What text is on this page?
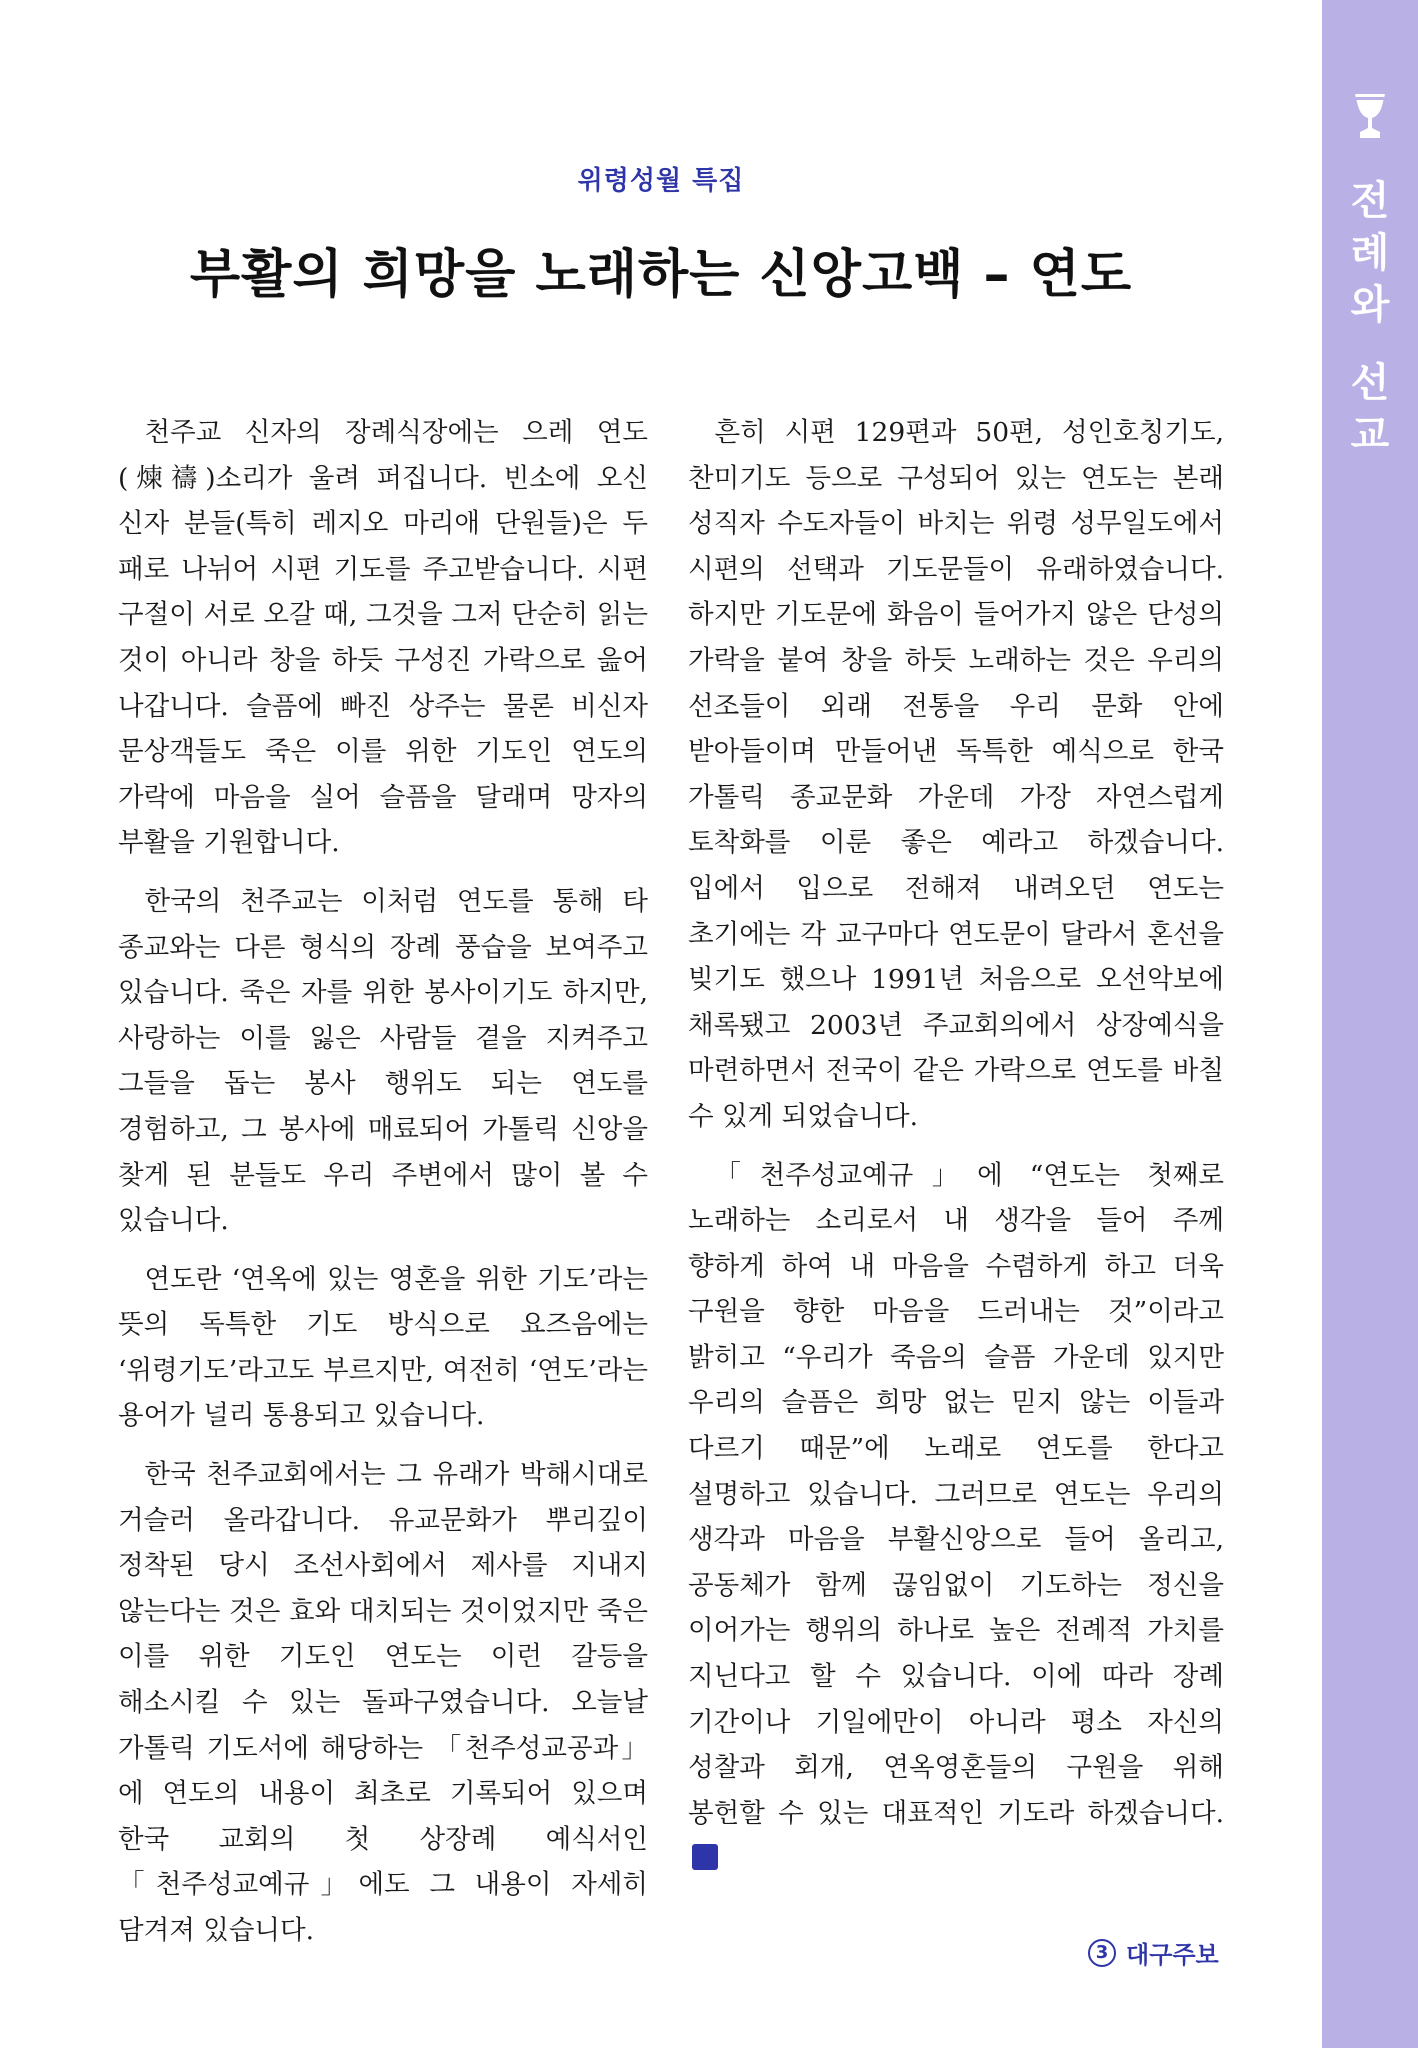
전
례
와
선
교
위령성월 특집
부활의 희망을 노래하는 신앙고백 – 연도

천주교 신자의 장례식장에는 으레 연도(煉禱)소리가 울려 퍼집니다. 빈소에 오신 신자 분들(특히 레지오 마리애 단원들)은 두 패로 나뉘어 시편 기도를 주고받습니다. 시편 구절이 서로 오갈 때, 그것을 그저 단순히 읽는 것이 아니라 창을 하듯 구성진 가락으로 읊어 나갑니다. 슬픔에 빠진 상주는 물론 비신자 문상객들도 죽은 이를 위한 기도인 연도의 가락에 마음을 실어 슬픔을 달래며 망자의 부활을 기원합니다.

한국의 천주교는 이처럼 연도를 통해 타 종교와는 다른 형식의 장례 풍습을 보여주고 있습니다. 죽은 자를 위한 봉사이기도 하지만, 사랑하는 이를 잃은 사람들 곁을 지켜주고 그들을 돕는 봉사 행위도 되는 연도를 경험하고, 그 봉사에 매료되어 가톨릭 신앙을 찾게 된 분들도 우리 주변에서 많이 볼 수 있습니다.

연도란 ‘연옥에 있는 영혼을 위한 기도’라는 뜻의 독특한 기도 방식으로 요즈음에는 ‘위령기도’라고도 부르지만, 여전히 ‘연도’라는 용어가 널리 통용되고 있습니다.

한국 천주교회에서는 그 유래가 박해시대로 거슬러 올라갑니다. 유교문화가 뿌리깊이 정착된 당시 조선사회에서 제사를 지내지 않는다는 것은 효와 대치되는 것이었지만 죽은 이를 위한 기도인 연도는 이런 갈등을 해소시킬 수 있는 돌파구였습니다. 오늘날 가톨릭 기도서에 해당하는 「천주성교공과」에 연도의 내용이 최초로 기록되어 있으며 한국 교회의 첫 상장례 예식서인 「천주성교예규」에도 그 내용이 자세히 담겨져 있습니다.

흔히 시편 129편과 50편, 성인호칭기도, 찬미기도 등으로 구성되어 있는 연도는 본래 성직자 수도자들이 바치는 위령 성무일도에서 시편의 선택과 기도문들이 유래하였습니다. 하지만 기도문에 화음이 들어가지 않은 단성의 가락을 붙여 창을 하듯 노래하는 것은 우리의 선조들이 외래 전통을 우리 문화 안에 받아들이며 만들어낸 독특한 예식으로 한국 가톨릭 종교문화 가운데 가장 자연스럽게 토착화를 이룬 좋은 예라고 하겠습니다. 입에서 입으로 전해져 내려오던 연도는 초기에는 각 교구마다 연도문이 달라서 혼선을 빚기도 했으나 1991년 처음으로 오선악보에 채록됐고 2003년 주교회의에서 상장예식을 마련하면서 전국이 같은 가락으로 연도를 바칠 수 있게 되었습니다.

「천주성교예규」에 “연도는 첫째로 노래하는 소리로서 내 생각을 들어 주께 향하게 하여 내 마음을 수렴하게 하고 더욱 구원을 향한 마음을 드러내는 것”이라고 밝히고 “우리가 죽음의 슬픔 가운데 있지만 우리의 슬픔은 희망 없는 믿지 않는 이들과 다르기 때문”에 노래로 연도를 한다고 설명하고 있습니다. 그러므로 연도는 우리의 생각과 마음을 부활신앙으로 들어 올리고, 공동체가 함께 끊임없이 기도하는 정신을 이어가는 행위의 하나로 높은 전례적 가치를 지닌다고 할 수 있습니다. 이에 따라 장례 기간이나 기일에만이 아니라 평소 자신의 성찰과 회개, 연옥영혼들의 구원을 위해 봉헌할 수 있는 대표적인 기도라 하겠습니다.

3 대구주보
